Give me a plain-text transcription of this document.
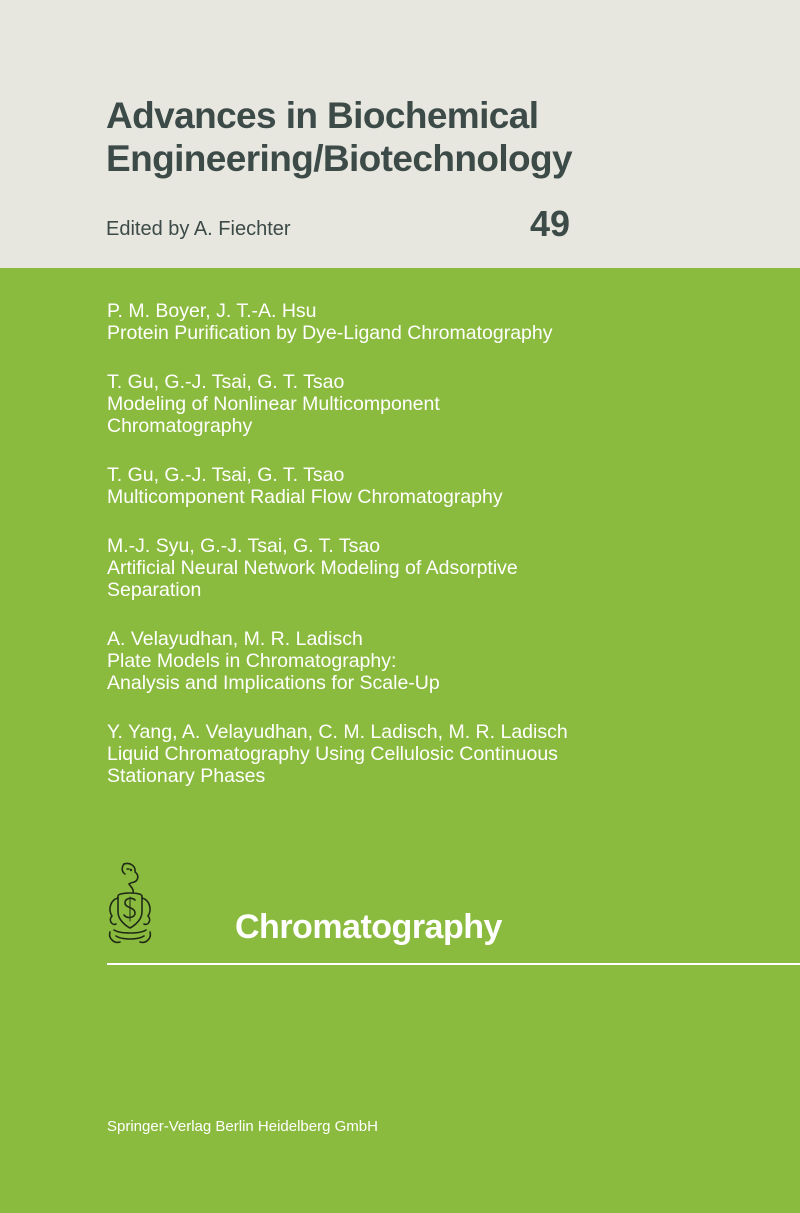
Advances in Biochemical
Engineering/Biotechnology
Edited by A. Fiechter	49
P. M. Boyer, J. T.-A. Hsu
Protein Purification by Dye-Ligand Chromatography
T. Gu, G.-J. Tsai, G. T. Tsao
Modeling of Nonlinear Multicomponent
Chromatography
T. Gu, G.-J. Tsai, G. T. Tsao
Multicomponent Radial Flow Chromatography
M.-J. Syu, G.-J. Tsai, G. T. Tsao
Artificial Neural Network Modeling of Adsorptive
Separation
A. Velayudhan, M. R. Ladisch
Plate Models in Chromatography:
Analysis and Implications for Scale-Up
Y. Yang, A. Velayudhan, C. M. Ladisch, M. R. Ladisch
Liquid Chromatography Using Cellulosic Continuous
Stationary Phases
Chromatography
Springer-Verlag Berlin Heidelberg GmbH
